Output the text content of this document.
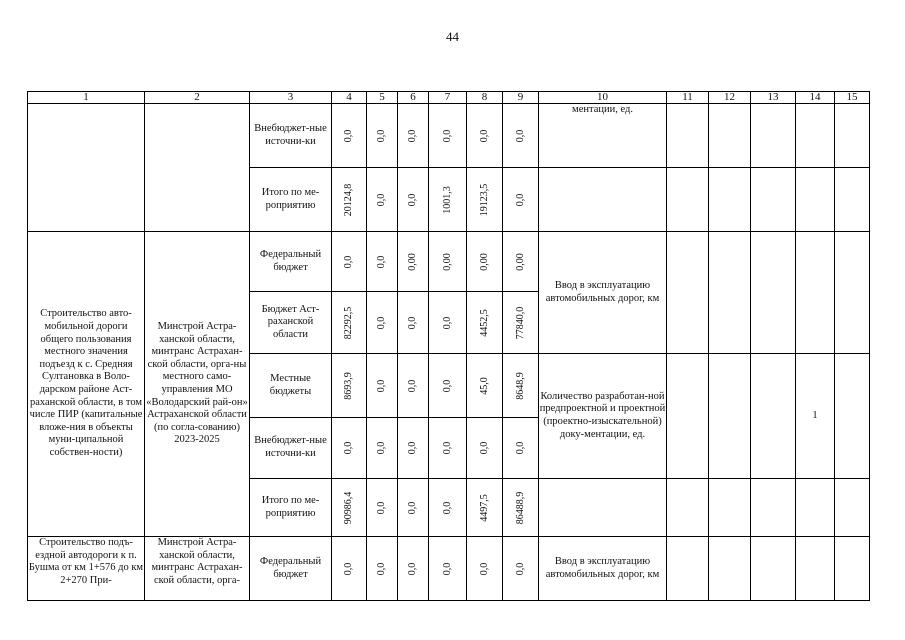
44
1	2	3	4	5	6	7	8	9	10	11	12	13	14	15
		Внебюджет-ные источни-ки	0,0	0,0	0,0	0,0	0,0	0,0	ментации, ед.					
		Итого по ме-роприятию	20124,8	0,0	0,0	1001,3	19123,5	0,0						

Строительство авто-мобильной дороги общего пользования местного значения подъезд к с. Средняя Султановка в Воло-дарском районе Аст-раханской области, в том числе ПИР (капитальные вложе-ния в объекты муни-ципальной собствен-ности)	Минстрой Астра-ханской области, минтранс Астрахан-ской области, орга-ны местного само-управления МО «Володарский рай-он» Астраханской области (по согла-сованию) 2023-2025	Федеральный бюджет	0,0	0,0	0,00	0,00	0,00	0,00	Ввод в эксплуатацию автомобильных дорог, км					
		Бюджет Аст-раханской области	82292,5	0,0	0,0	0,0	4452,5	77840,0						

		Местные бюджеты	8693,9	0,0	0,0	0,0	45,0	8648,9	Количество разработан-ной предпроектной и проектной (проектно-изыскательной) доку-ментации, ед.				1	
		Внебюджет-ные источни-ки	0,0	0,0	0,0	0,0	0,0	0,0						

		Итого по ме-роприятию	90986,4	0,0	0,0	0,0	4497,5	86488,9						

Строительство подъ-ездной автодороги к п. Бушма от км 1+576 до км 2+270 При-	Минстрой Астра-ханской области, минтранс Астрахан-ской области, орга-	Федеральный бюджет	0,0	0,0	0,0	0,0	0,0	0,0	Ввод в эксплуатацию автомобильных дорог, км					
